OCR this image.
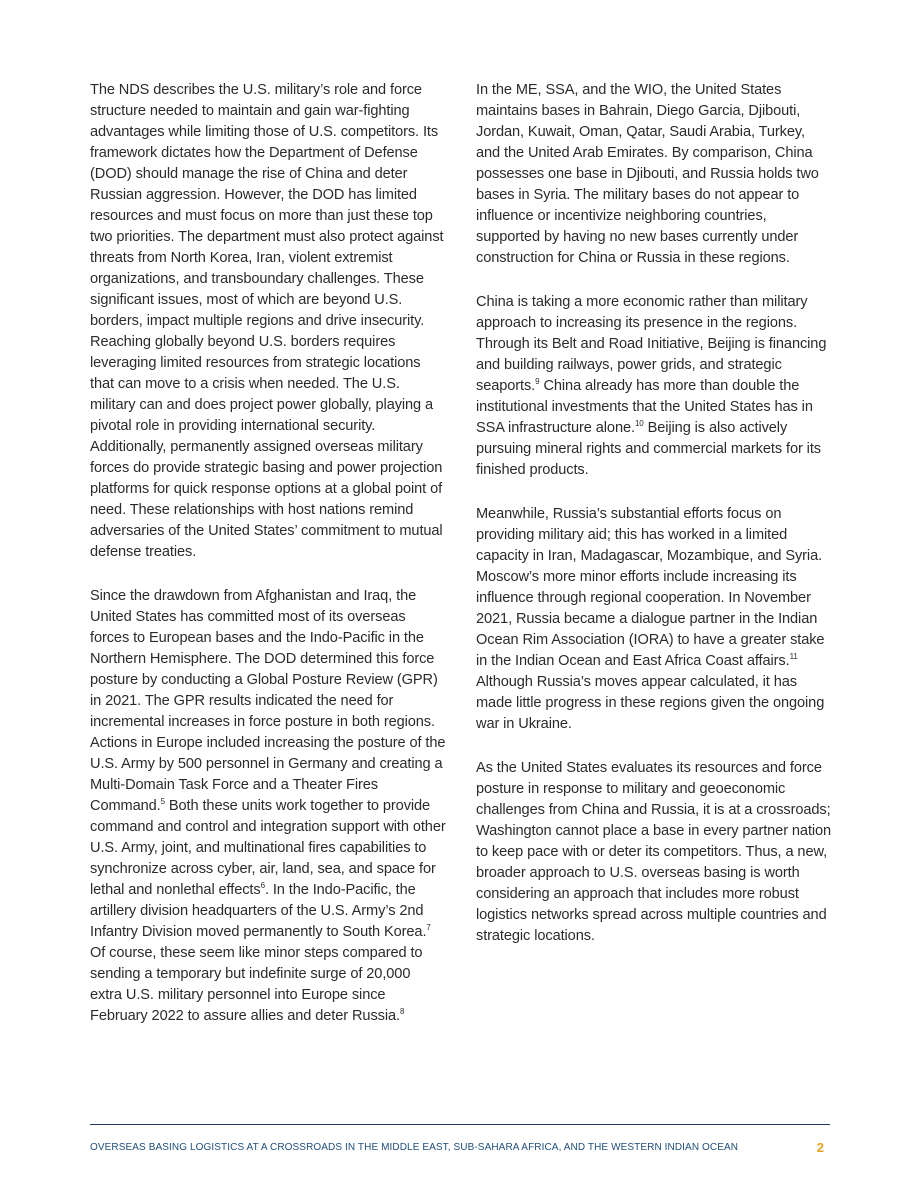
The NDS describes the U.S. military’s role and force structure needed to maintain and gain war-fighting advantages while limiting those of U.S. competitors. Its framework dictates how the Department of Defense (DOD) should manage the rise of China and deter Russian aggression. However, the DOD has limited resources and must focus on more than just these top two priorities. The department must also protect against threats from North Korea, Iran, violent extremist organizations, and transboundary challenges. These significant issues, most of which are beyond U.S. borders, impact multiple regions and drive insecurity. Reaching globally beyond U.S. borders requires leveraging limited resources from strategic locations that can move to a crisis when needed. The U.S. military can and does project power globally, playing a pivotal role in providing international security. Additionally, permanently assigned overseas military forces do provide strategic basing and power projection platforms for quick response options at a global point of need. These relationships with host nations remind adversaries of the United States’ commitment to mutual defense treaties.

Since the drawdown from Afghanistan and Iraq, the United States has committed most of its overseas forces to European bases and the Indo-Pacific in the Northern Hemisphere. The DOD determined this force posture by conducting a Global Posture Review (GPR) in 2021. The GPR results indicated the need for incremental increases in force posture in both regions. Actions in Europe included increasing the posture of the U.S. Army by 500 personnel in Germany and creating a Multi-Domain Task Force and a Theater Fires Command.$^5$ Both these units work together to provide command and control and integration support with other U.S. Army, joint, and multinational fires capabilities to synchronize across cyber, air, land, sea, and space for lethal and nonlethal effects$^6$. In the Indo-Pacific, the artillery division headquarters of the U.S. Army’s 2nd Infantry Division moved permanently to South Korea.$^7$ Of course, these seem like minor steps compared to sending a temporary but indefinite surge of 20,000 extra U.S. military personnel into Europe since February 2022 to assure allies and deter Russia.$^8$

In the ME, SSA, and the WIO, the United States maintains bases in Bahrain, Diego Garcia, Djibouti, Jordan, Kuwait, Oman, Qatar, Saudi Arabia, Turkey, and the United Arab Emirates. By comparison, China possesses one base in Djibouti, and Russia holds two bases in Syria. The military bases do not appear to influence or incentivize neighboring countries, supported by having no new bases currently under construction for China or Russia in these regions.

China is taking a more economic rather than military approach to increasing its presence in the regions. Through its Belt and Road Initiative, Beijing is financing and building railways, power grids, and strategic seaports.$^9$ China already has more than double the institutional investments that the United States has in SSA infrastructure alone.$^{10}$ Beijing is also actively pursuing mineral rights and commercial markets for its finished products.

Meanwhile, Russia’s substantial efforts focus on providing military aid; this has worked in a limited capacity in Iran, Madagascar, Mozambique, and Syria. Moscow’s more minor efforts include increasing its influence through regional cooperation. In November 2021, Russia became a dialogue partner in the Indian Ocean Rim Association (IORA) to have a greater stake in the Indian Ocean and East Africa Coast affairs.$^{11}$ Although Russia’s moves appear calculated, it has made little progress in these regions given the ongoing war in Ukraine.

As the United States evaluates its resources and force posture in response to military and geoeconomic challenges from China and Russia, it is at a crossroads; Washington cannot place a base in every partner nation to keep pace with or deter its competitors. Thus, a new, broader approach to U.S. overseas basing is worth considering an approach that includes more robust logistics networks spread across multiple countries and strategic locations.

OVERSEAS BASING LOGISTICS AT A CROSSROADS IN THE MIDDLE EAST, SUB-SAHARA AFRICA, AND THE WESTERN INDIAN OCEAN	2
